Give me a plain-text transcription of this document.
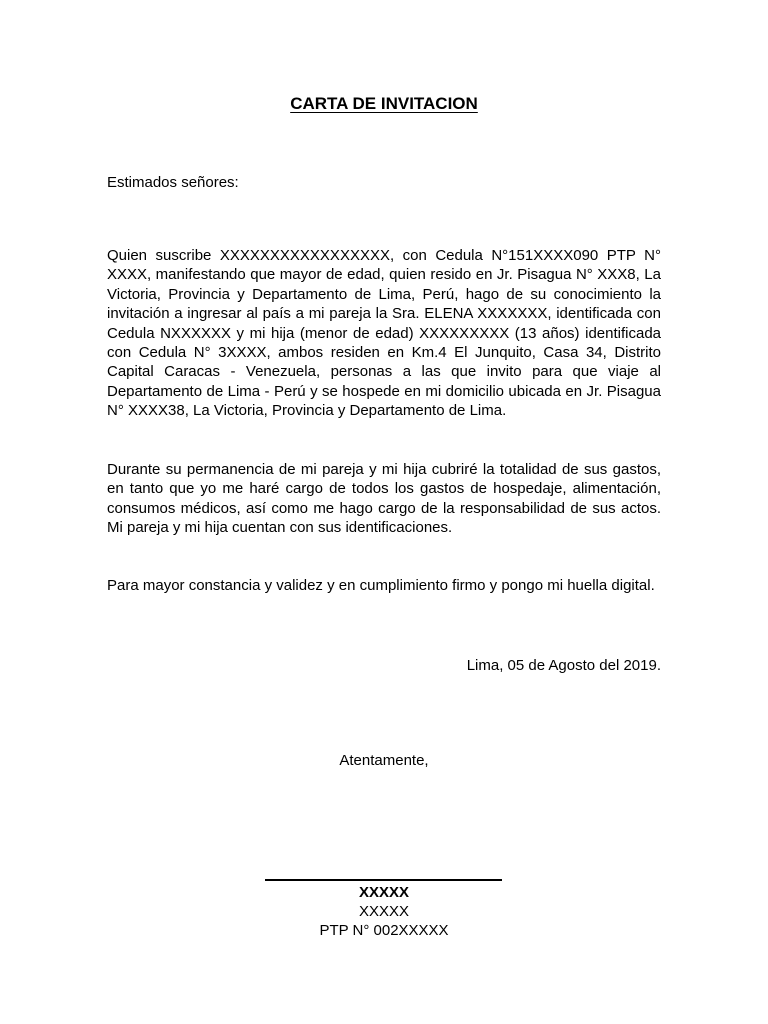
CARTA DE INVITACION
Estimados señores:
Quien suscribe XXXXXXXXXXXXXXXXX, con Cedula N°151XXXX090 PTP N° XXXX, manifestando que mayor de edad, quien resido en Jr. Pisagua N° XXX8, La Victoria, Provincia y Departamento de Lima, Perú, hago de su conocimiento la invitación a ingresar al país a mi pareja la Sra. ELENA XXXXXXX, identificada con Cedula NXXXXXX y mi hija (menor de edad) XXXXXXXXX (13 años) identificada con Cedula N° 3XXXX, ambos residen en Km.4 El Junquito, Casa 34, Distrito Capital Caracas - Venezuela, personas a las que invito para que viaje al Departamento de Lima - Perú y se hospede en mi domicilio ubicada en Jr. Pisagua N° XXXX38, La Victoria, Provincia y Departamento de Lima.
Durante su permanencia de mi pareja y mi hija cubriré la totalidad de sus gastos, en tanto que yo me haré cargo de todos los gastos de hospedaje, alimentación, consumos médicos, así como me hago cargo de la responsabilidad de sus actos. Mi pareja y mi hija cuentan con sus identificaciones.
Para mayor constancia y validez y en cumplimiento firmo y pongo mi huella digital.
Lima, 05 de Agosto del 2019.
Atentamente,
XXXXX
XXXXX
PTP N° 002XXXXX
